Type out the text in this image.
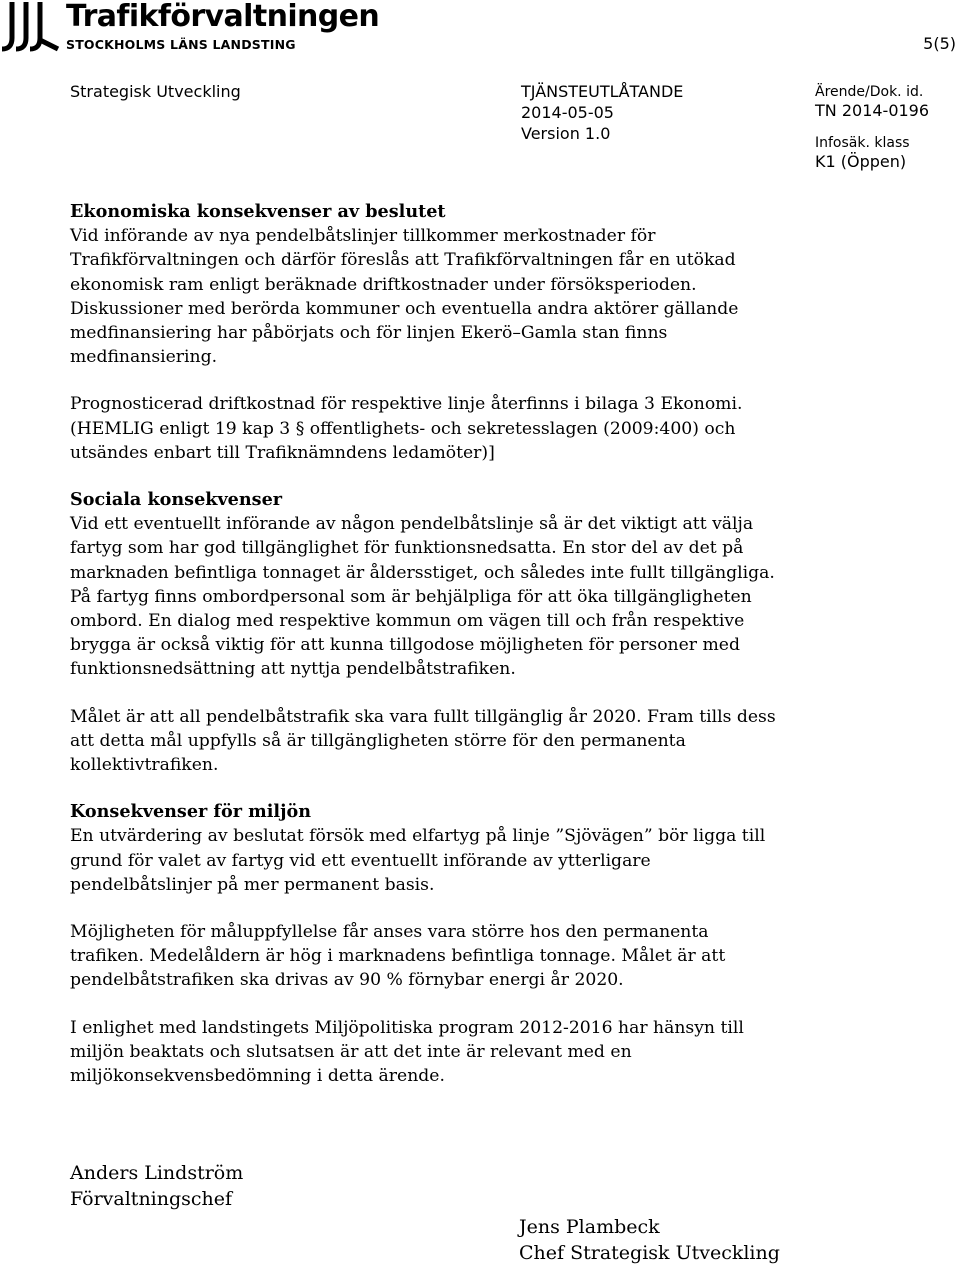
Trafikförvaltningen
STOCKHOLMS LÄNS LANDSTING	5(5)
Strategisk Utveckling	TJÄNSTEUTLÅTANDE
2014-05-05
Version 1.0
Ärende/Dok. id.
TN 2014-0196
Infosäk. klass
K1 (Öppen)
Ekonomiska konsekvenser av beslutet

Vid införande av nya pendelbåtslinjer tillkommer merkostnader för
Trafikförvaltningen och därför föreslås att Trafikförvaltningen får en utökad
ekonomisk ram enligt beräknade driftkostnader under försöksperioden.
Diskussioner med berörda kommuner och eventuella andra aktörer gällande
medfinansiering har påbörjats och för linjen Ekerö–Gamla stan finns
medfinansiering.

Prognosticerad driftkostnad för respektive linje återfinns i bilaga 3 Ekonomi.
(HEMLIG enligt 19 kap 3 § offentlighets- och sekretesslagen (2009:400) och
utsändes enbart till Trafiknämndens ledamöter)]

Sociala konsekvenser

Vid ett eventuellt införande av någon pendelbåtslinje så är det viktigt att välja
fartyg som har god tillgänglighet för funktionsnedsatta. En stor del av det på
marknaden befintliga tonnaget är åldersstiget, och således inte fullt tillgängliga.
På fartyg finns ombordpersonal som är behjälpliga för att öka tillgängligheten
ombord. En dialog med respektive kommun om vägen till och från respektive
brygga är också viktig för att kunna tillgodose möjligheten för personer med
funktionsnedsättning att nyttja pendelbåtstrafiken.

Målet är att all pendelbåtstrafik ska vara fullt tillgänglig år 2020. Fram tills dess
att detta mål uppfylls så är tillgängligheten större för den permanenta
kollektivtrafiken.

Konsekvenser för miljön

En utvärdering av beslutat försök med elfartyg på linje ”Sjövägen” bör ligga till
grund för valet av fartyg vid ett eventuellt införande av ytterligare
pendelbåtslinjer på mer permanent basis.

Möjligheten för måluppfyllelse får anses vara större hos den permanenta
trafiken. Medelåldern är hög i marknadens befintliga tonnage. Målet är att
pendelbåtstrafiken ska drivas av 90 % förnybar energi år 2020.

I enlighet med landstingets Miljöpolitiska program 2012-2016 har hänsyn till
miljön beaktats och slutsatsen är att det inte är relevant med en
miljökonsekvensbedömning i detta ärende.

Anders Lindström
Förvaltningschef
Jens Plambeck
Chef Strategisk Utveckling
